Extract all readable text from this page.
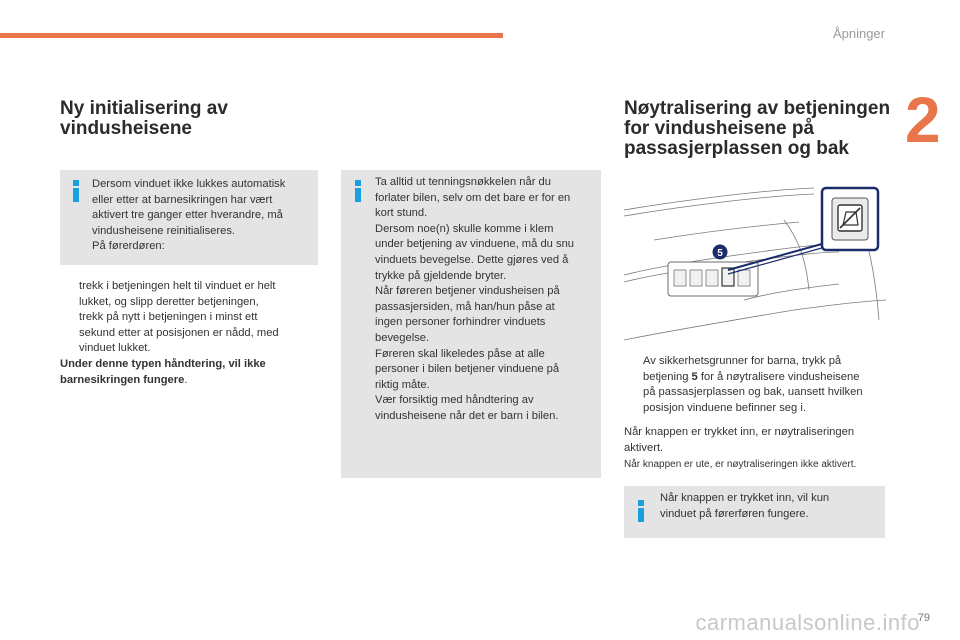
Åpninger
2
Ny initialisering av
vindusheisene
Dersom vinduet ikke lukkes automatisk
eller etter at barnesikringen har vært
aktivert tre ganger etter hverandre, må
vindusheisene reinitialiseres.
På førerdøren:
trekk i betjeningen helt til vinduet er helt
lukket, og slipp deretter betjeningen,
trekk på nytt i betjeningen i minst ett
sekund etter at posisjonen er nådd, med
vinduet lukket.
Under denne typen håndtering, vil ikke
barnesikringen fungere.
Ta alltid ut tenningsnøkkelen når du
forlater bilen, selv om det bare er for en
kort stund.
Dersom noe(n) skulle komme i klem
under betjening av vinduene, må du snu
vinduets bevegelse. Dette gjøres ved å
trykke på gjeldende bryter.
Når føreren betjener vindusheisen på
passasjersiden, må han/hun påse at
ingen personer forhindrer vinduets
bevegelse.
Føreren skal likeledes påse at alle
personer i bilen betjener vinduene på
riktig måte.
Vær forsiktig med håndtering av
vindusheisene når det er barn i bilen.
Nøytralisering av betjeningen
for vindusheisene på
passasjerplassen og bak
5
Av sikkerhetsgrunner for barna, trykk på
betjening 5 for å nøytralisere vindusheisene
på passasjerplassen og bak, uansett hvilken
posisjon vinduene befinner seg i.
Når knappen er trykket inn, er nøytraliseringen
aktivert.
Når knappen er ute, er nøytraliseringen ikke aktivert.
Når knappen er trykket inn, vil kun
vinduet på førerføren fungere.
79
carmanualsonline.info
